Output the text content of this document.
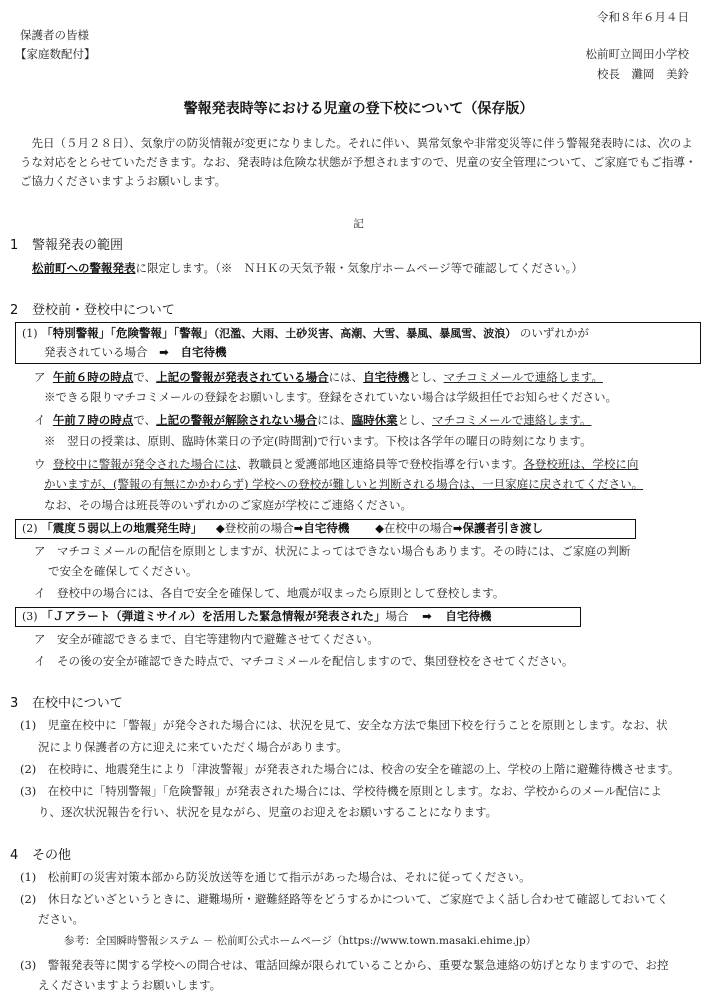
令和８年６月４日
保護者の皆様
【家庭数配付】	松前町立岡田小学校
校長　灘岡　美鈴
警報発表時等における児童の登下校について（保存版）
先日（５月２８日）、気象庁の防災情報が変更になりました。それに伴い、異常気象や非常変災等に伴う警報発表時には、次のような対応をとらせていただきます。なお、発表時は危険な状態が予想されますので、児童の安全管理について、ご家庭でもご指導・ご協力くださいますようお願いします。
記
1 警報発表の範囲
松前町への警報発表に限定します。（※　ＮＨＫの天気予報・気象庁ホームページ等で確認してください。）
2 登校前・登校中について
(1) 「特別警報」「危険警報」「警報」（氾濫、大雨、土砂災害、高潮、大雪、暴風、暴風雪、波浪） のいずれかが
発表されている場合 ➡ 自宅待機
ア 午前６時の時点で、上記の警報が発表されている場合には、自宅待機とし、マチコミメールで連絡します。
※できる限りマチコミメールの登録をお願いします。登録をされていない場合は学級担任でお知らせください。
イ 午前７時の時点で、上記の警報が解除されない場合には、臨時休業とし、マチコミメールで連絡します。
※　翌日の授業は、原則、臨時休業日の予定(時間割)で行います。下校は各学年の曜日の時刻になります。
ウ 登校中に警報が発令された場合には、教職員と愛護部地区連絡員等で登校指導を行います。各登校班は、学校に向
かいますが、(警報の有無にかかわらず) 学校への登校が難しいと判断される場合は、一旦家庭に戻されてください。
なお、その場合は班長等のいずれかのご家庭が学校にご連絡ください。
(2) 「震度５弱以上の地震発生時」 ◆登校前の場合➡自宅待機 ◆在校中の場合➡保護者引き渡し
ア　マチコミメールの配信を原則としますが、状況によってはできない場合もあります。その時には、ご家庭の判断
で安全を確保してください。
イ　登校中の場合には、各自で安全を確保して、地震が収まったら原則として登校します。
(3) 「Ｊアラート（弾道ミサイル）を活用した緊急情報が発表された」場合 ➡ 自宅待機
ア　安全が確認できるまで、自宅等建物内で避難させてください。
イ　その後の安全が確認できた時点で、マチコミメールを配信しますので、集団登校をさせてください。
3 在校中について
(1)　児童在校中に「警報」が発令された場合には、状況を見て、安全な方法で集団下校を行うことを原則とします。なお、状
況により保護者の方に迎えに来ていただく場合があります。
(2)　在校時に、地震発生により「津波警報」が発表された場合には、校舎の安全を確認の上、学校の上階に避難待機させます。
(3)　在校中に「特別警報」「危険警報」が発表された場合には、学校待機を原則とします。なお、学校からのメール配信によ
り、逐次状況報告を行い、状況を見ながら、児童のお迎えをお願いすることになります。
4 その他
(1)　松前町の災害対策本部から防災放送等を通じて指示があった場合は、それに従ってください。
(2)　休日などいざというときに、避難場所・避難経路等をどうするかについて、ご家庭でよく話し合わせて確認しておいてく
ださい。
参考：全国瞬時警報システム － 松前町公式ホームページ（https://www.town.masaki.ehime.jp）
(3)　警報発表等に関する学校への問合せは、電話回線が限られていることから、重要な緊急連絡の妨げとなりますので、お控
えくださいますようお願いします。
